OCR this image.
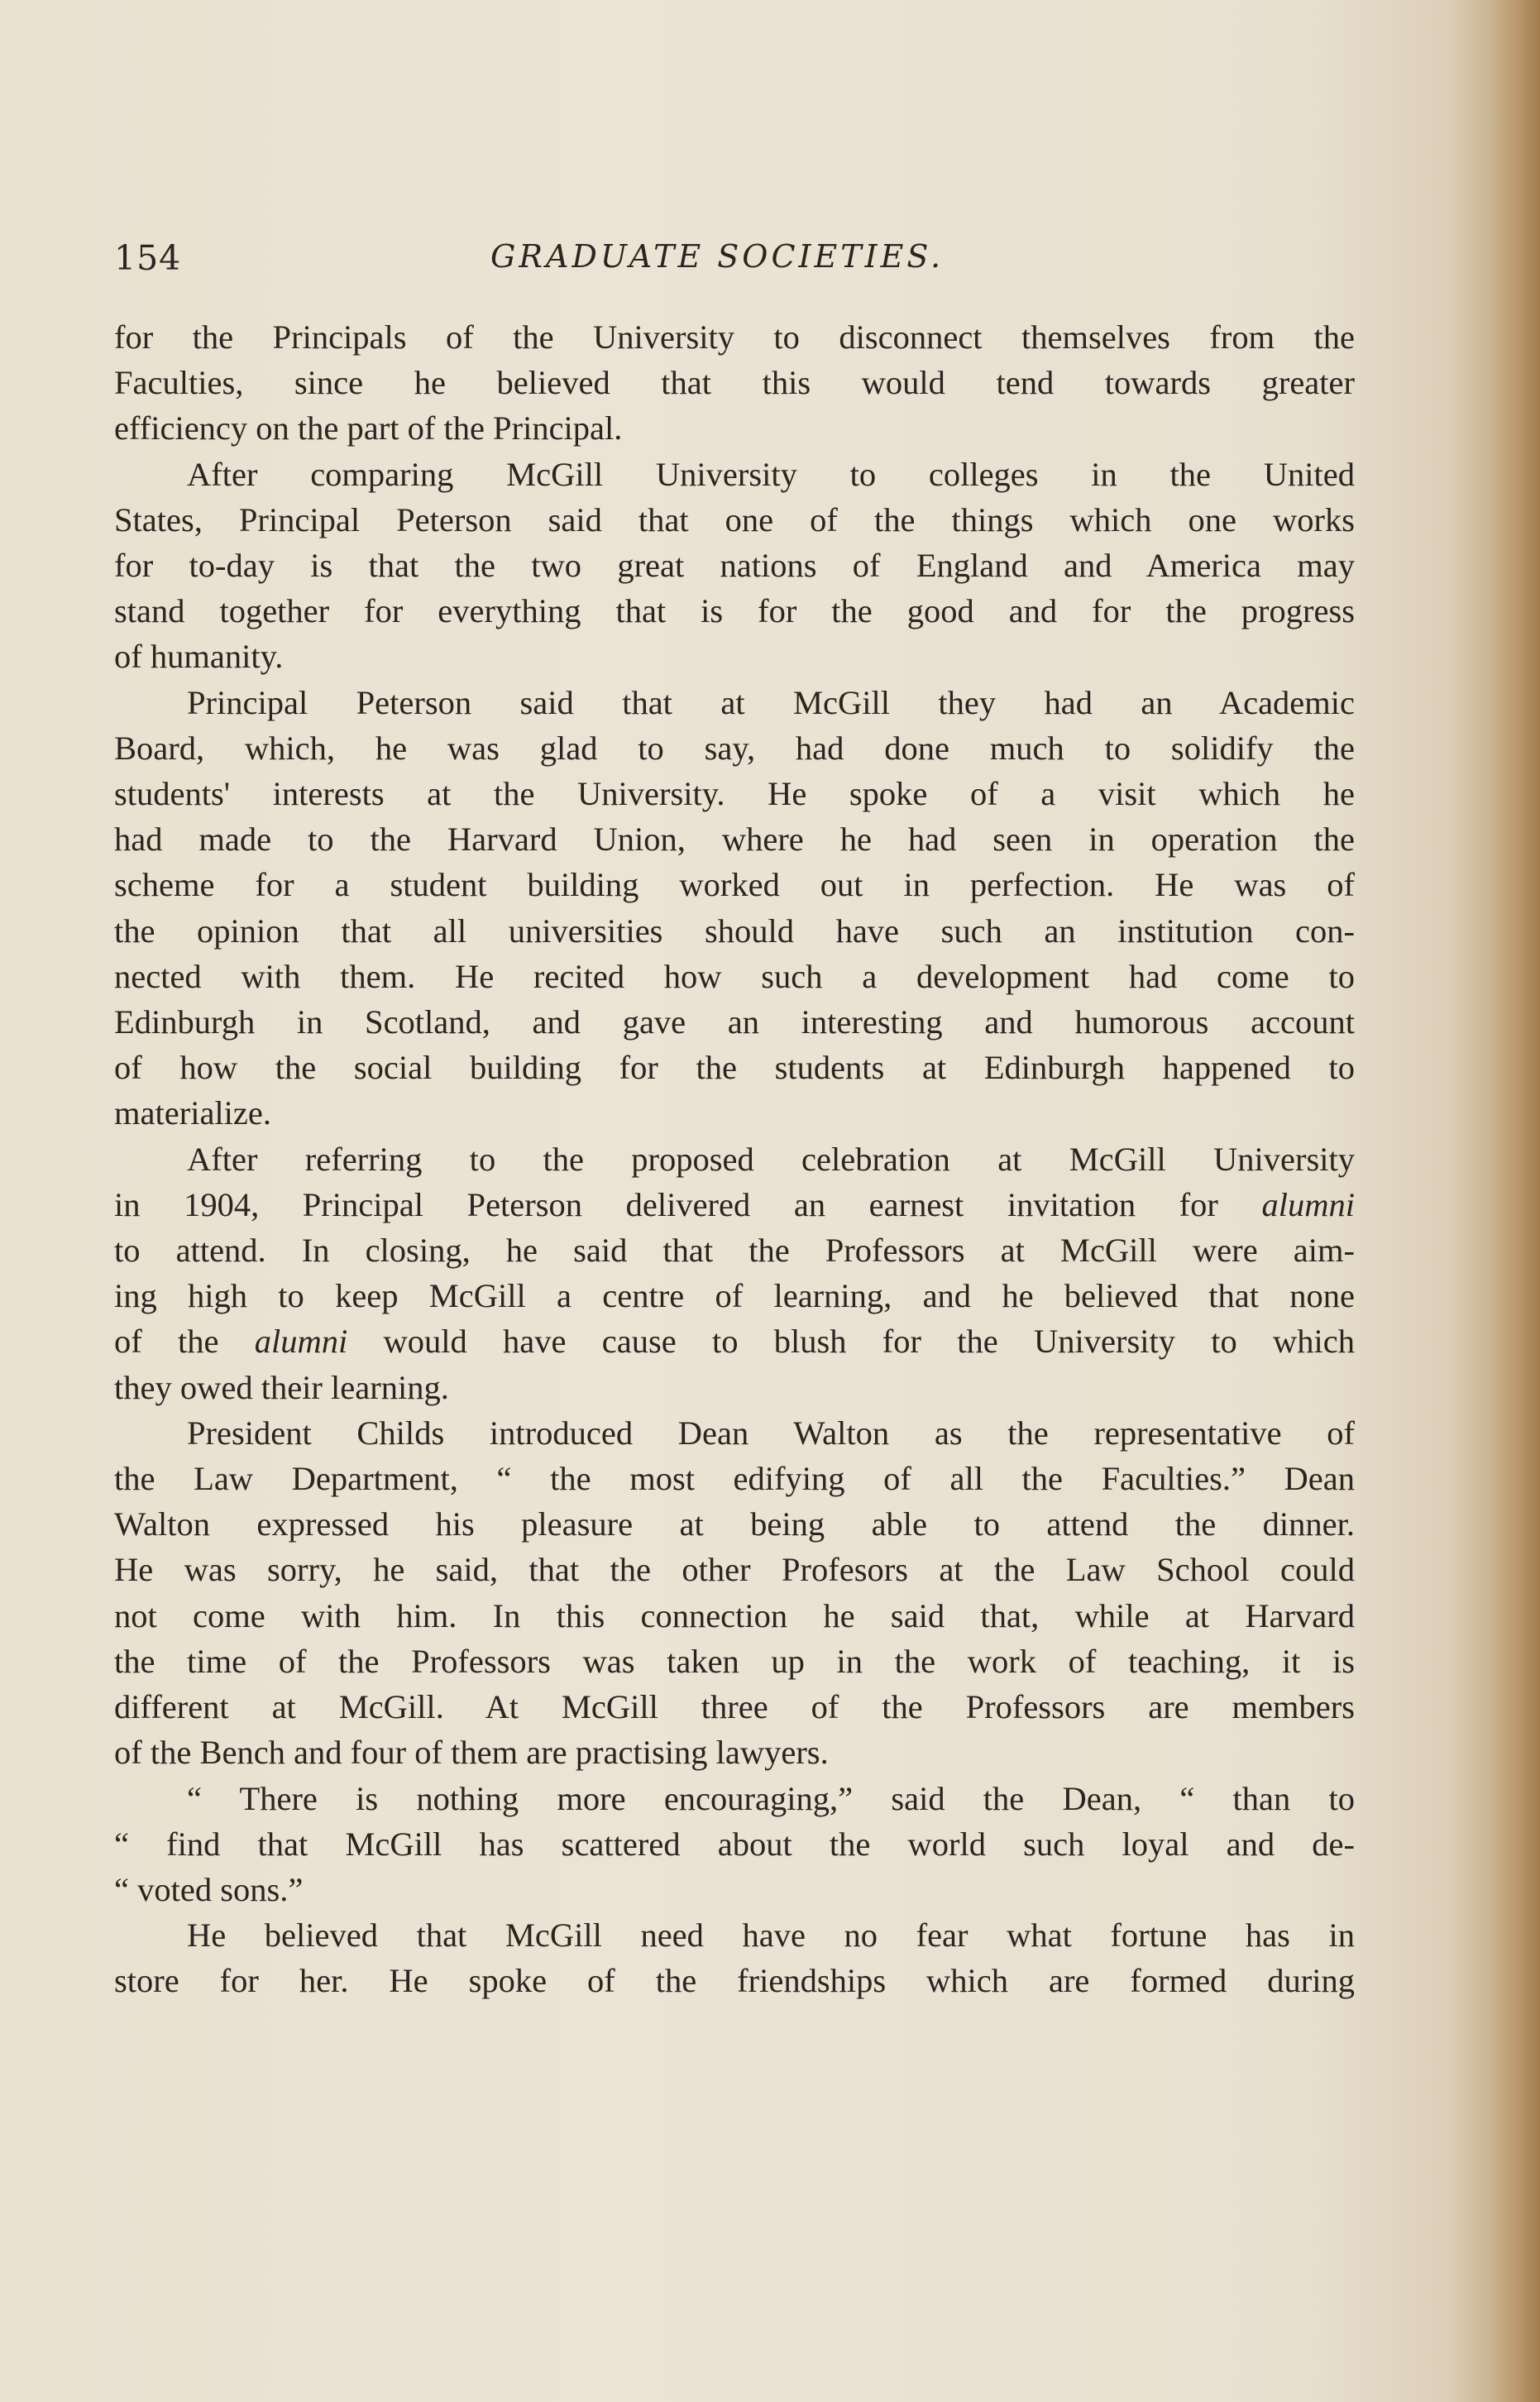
154	GRADUATE SOCIETIES.
for the Principals of the University to disconnect themselves from the
Faculties, since he believed that this would tend towards greater
efficiency on the part of the Principal.
After comparing McGill University to colleges in the United
States, Principal Peterson said that one of the things which one works
for to-day is that the two great nations of England and America may
stand together for everything that is for the good and for the progress
of humanity.
Principal Peterson said that at McGill they had an Academic
Board, which, he was glad to say, had done much to solidify the
students' interests at the University. He spoke of a visit which he
had made to the Harvard Union, where he had seen in operation the
scheme for a student building worked out in perfection. He was of
the opinion that all universities should have such an institution con-
nected with them. He recited how such a development had come to
Edinburgh in Scotland, and gave an interesting and humorous account
of how the social building for the students at Edinburgh happened to
materialize.
After referring to the proposed celebration at McGill University
in 1904, Principal Peterson delivered an earnest invitation for alumni
to attend. In closing, he said that the Professors at McGill were aim-
ing high to keep McGill a centre of learning, and he believed that none
of the alumni would have cause to blush for the University to which
they owed their learning.
President Childs introduced Dean Walton as the representative of
the Law Department, “ the most edifying of all the Faculties.” Dean
Walton expressed his pleasure at being able to attend the dinner.
He was sorry, he said, that the other Profesors at the Law School could
not come with him. In this connection he said that, while at Harvard
the time of the Professors was taken up in the work of teaching, it is
different at McGill. At McGill three of the Professors are members
of the Bench and four of them are practising lawyers.
“ There is nothing more encouraging,” said the Dean, “ than to
“ find that McGill has scattered about the world such loyal and de-
“ voted sons.”
He believed that McGill need have no fear what fortune has in
store for her. He spoke of the friendships which are formed during
